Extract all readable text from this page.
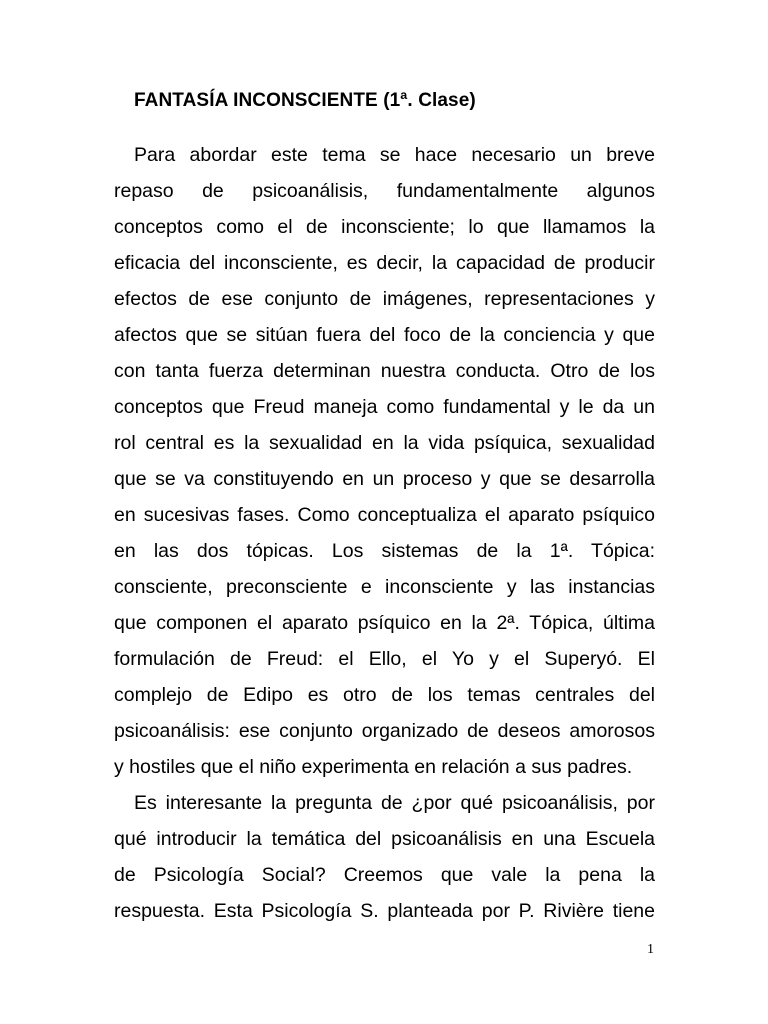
FANTASÍA INCONSCIENTE (1ª. Clase)
Para abordar este tema se hace necesario un breve
repaso de psicoanálisis, fundamentalmente algunos
conceptos como el de inconsciente; lo que llamamos la
eficacia del inconsciente, es decir, la capacidad de producir
efectos de ese conjunto de imágenes, representaciones y
afectos que se sitúan fuera del foco de la conciencia y que
con tanta fuerza determinan nuestra conducta. Otro de los
conceptos que Freud maneja como fundamental y le da un
rol central es la sexualidad en la vida psíquica, sexualidad
que se va constituyendo en un proceso y que se desarrolla
en sucesivas fases. Como conceptualiza el aparato psíquico
en las dos tópicas. Los sistemas de la 1ª. Tópica:
consciente, preconsciente e inconsciente y las instancias
que componen el aparato psíquico en la 2ª. Tópica, última
formulación de Freud: el Ello, el Yo y el Superyó. El
complejo de Edipo es otro de los temas centrales del
psicoanálisis: ese conjunto organizado de deseos amorosos
y hostiles que el niño experimenta en relación a sus padres.
Es interesante la pregunta de ¿por qué psicoanálisis, por
qué introducir la temática del psicoanálisis en una Escuela
de Psicología Social? Creemos que vale la pena la
respuesta. Esta Psicología S. planteada por P. Rivière tiene

1
